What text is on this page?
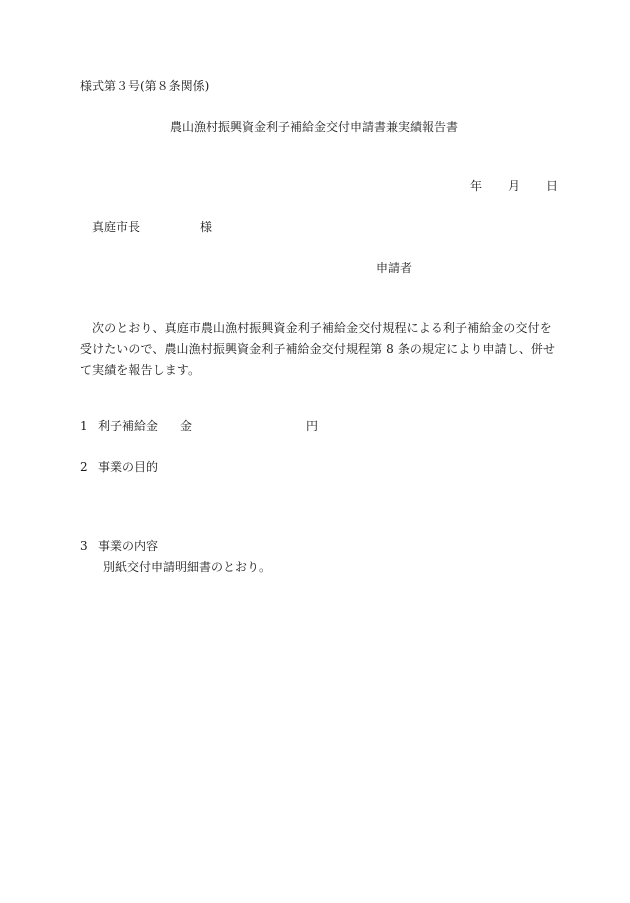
様式第３号(第８条関係)
農山漁村振興資金利子補給金交付申請書兼実績報告書
年 月 日
真庭市長	様
申請者
次のとおり、真庭市農山漁村振興資金利子補給金交付規程による利子補給金の交付を受けたいので、農山漁村振興資金利子補給金交付規程第 8 条の規定により申請し、併せて実績を報告します。
1 利子補給金 金	円
2 事業の目的
3 事業の内容
別紙交付申請明細書のとおり。
